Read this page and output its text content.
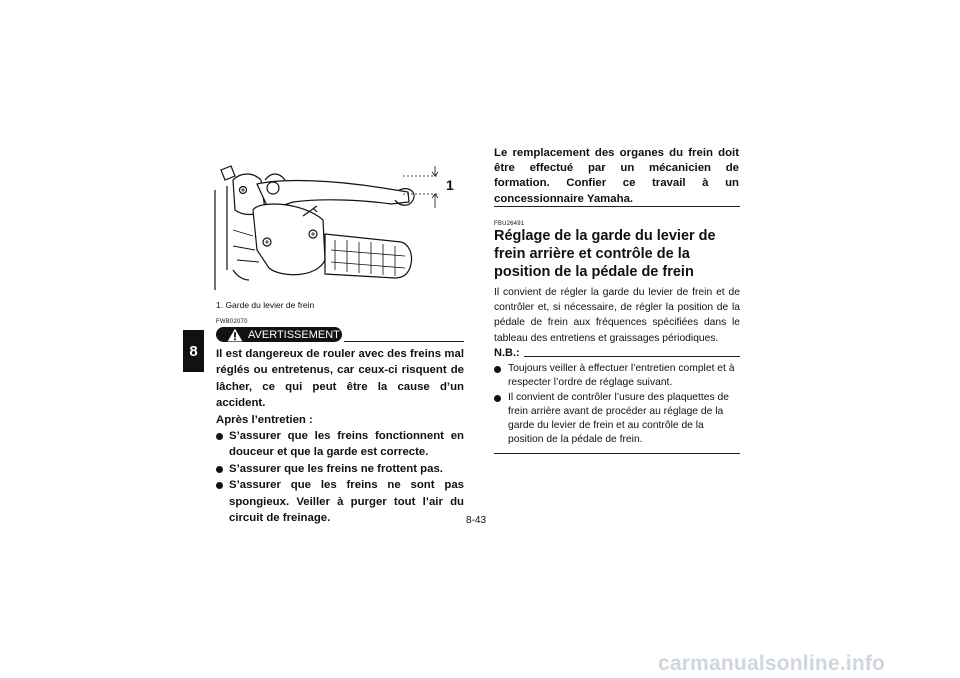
8
1
1. Garde du levier de frein
FWB02070
AVERTISSEMENT

Il est dangereux de rouler avec des freins mal réglés ou entretenus, car ceux-ci risquent de lâcher, ce qui peut être la cause d’un accident.

Après l’entretien :

S’assurer que les freins fonctionnent en douceur et que la garde est correcte.
S’assurer que les freins ne frottent pas.
S’assurer que les freins ne sont pas spongieux. Veiller à purger tout l’air du circuit de freinage.
Le remplacement des organes du frein doit être effectué par un mécanicien de formation. Confier ce travail à un concessionnaire Yamaha.
FBU26491
Réglage de la garde du levier de frein arrière et contrôle de la position de la pédale de frein
Il convient de régler la garde du levier de frein et de contrôler et, si nécessaire, de régler la position de la pédale de frein aux fréquences spécifiées dans le tableau des entretiens et graissages périodiques.
N.B.:
Toujours veiller à effectuer l’entretien complet et à respecter l’ordre de réglage suivant.
Il convient de contrôler l’usure des plaquettes de frein arrière avant de procéder au réglage de la garde du levier de frein et au contrôle de la position de la pédale de frein.
8-43
carmanualsonline.info
